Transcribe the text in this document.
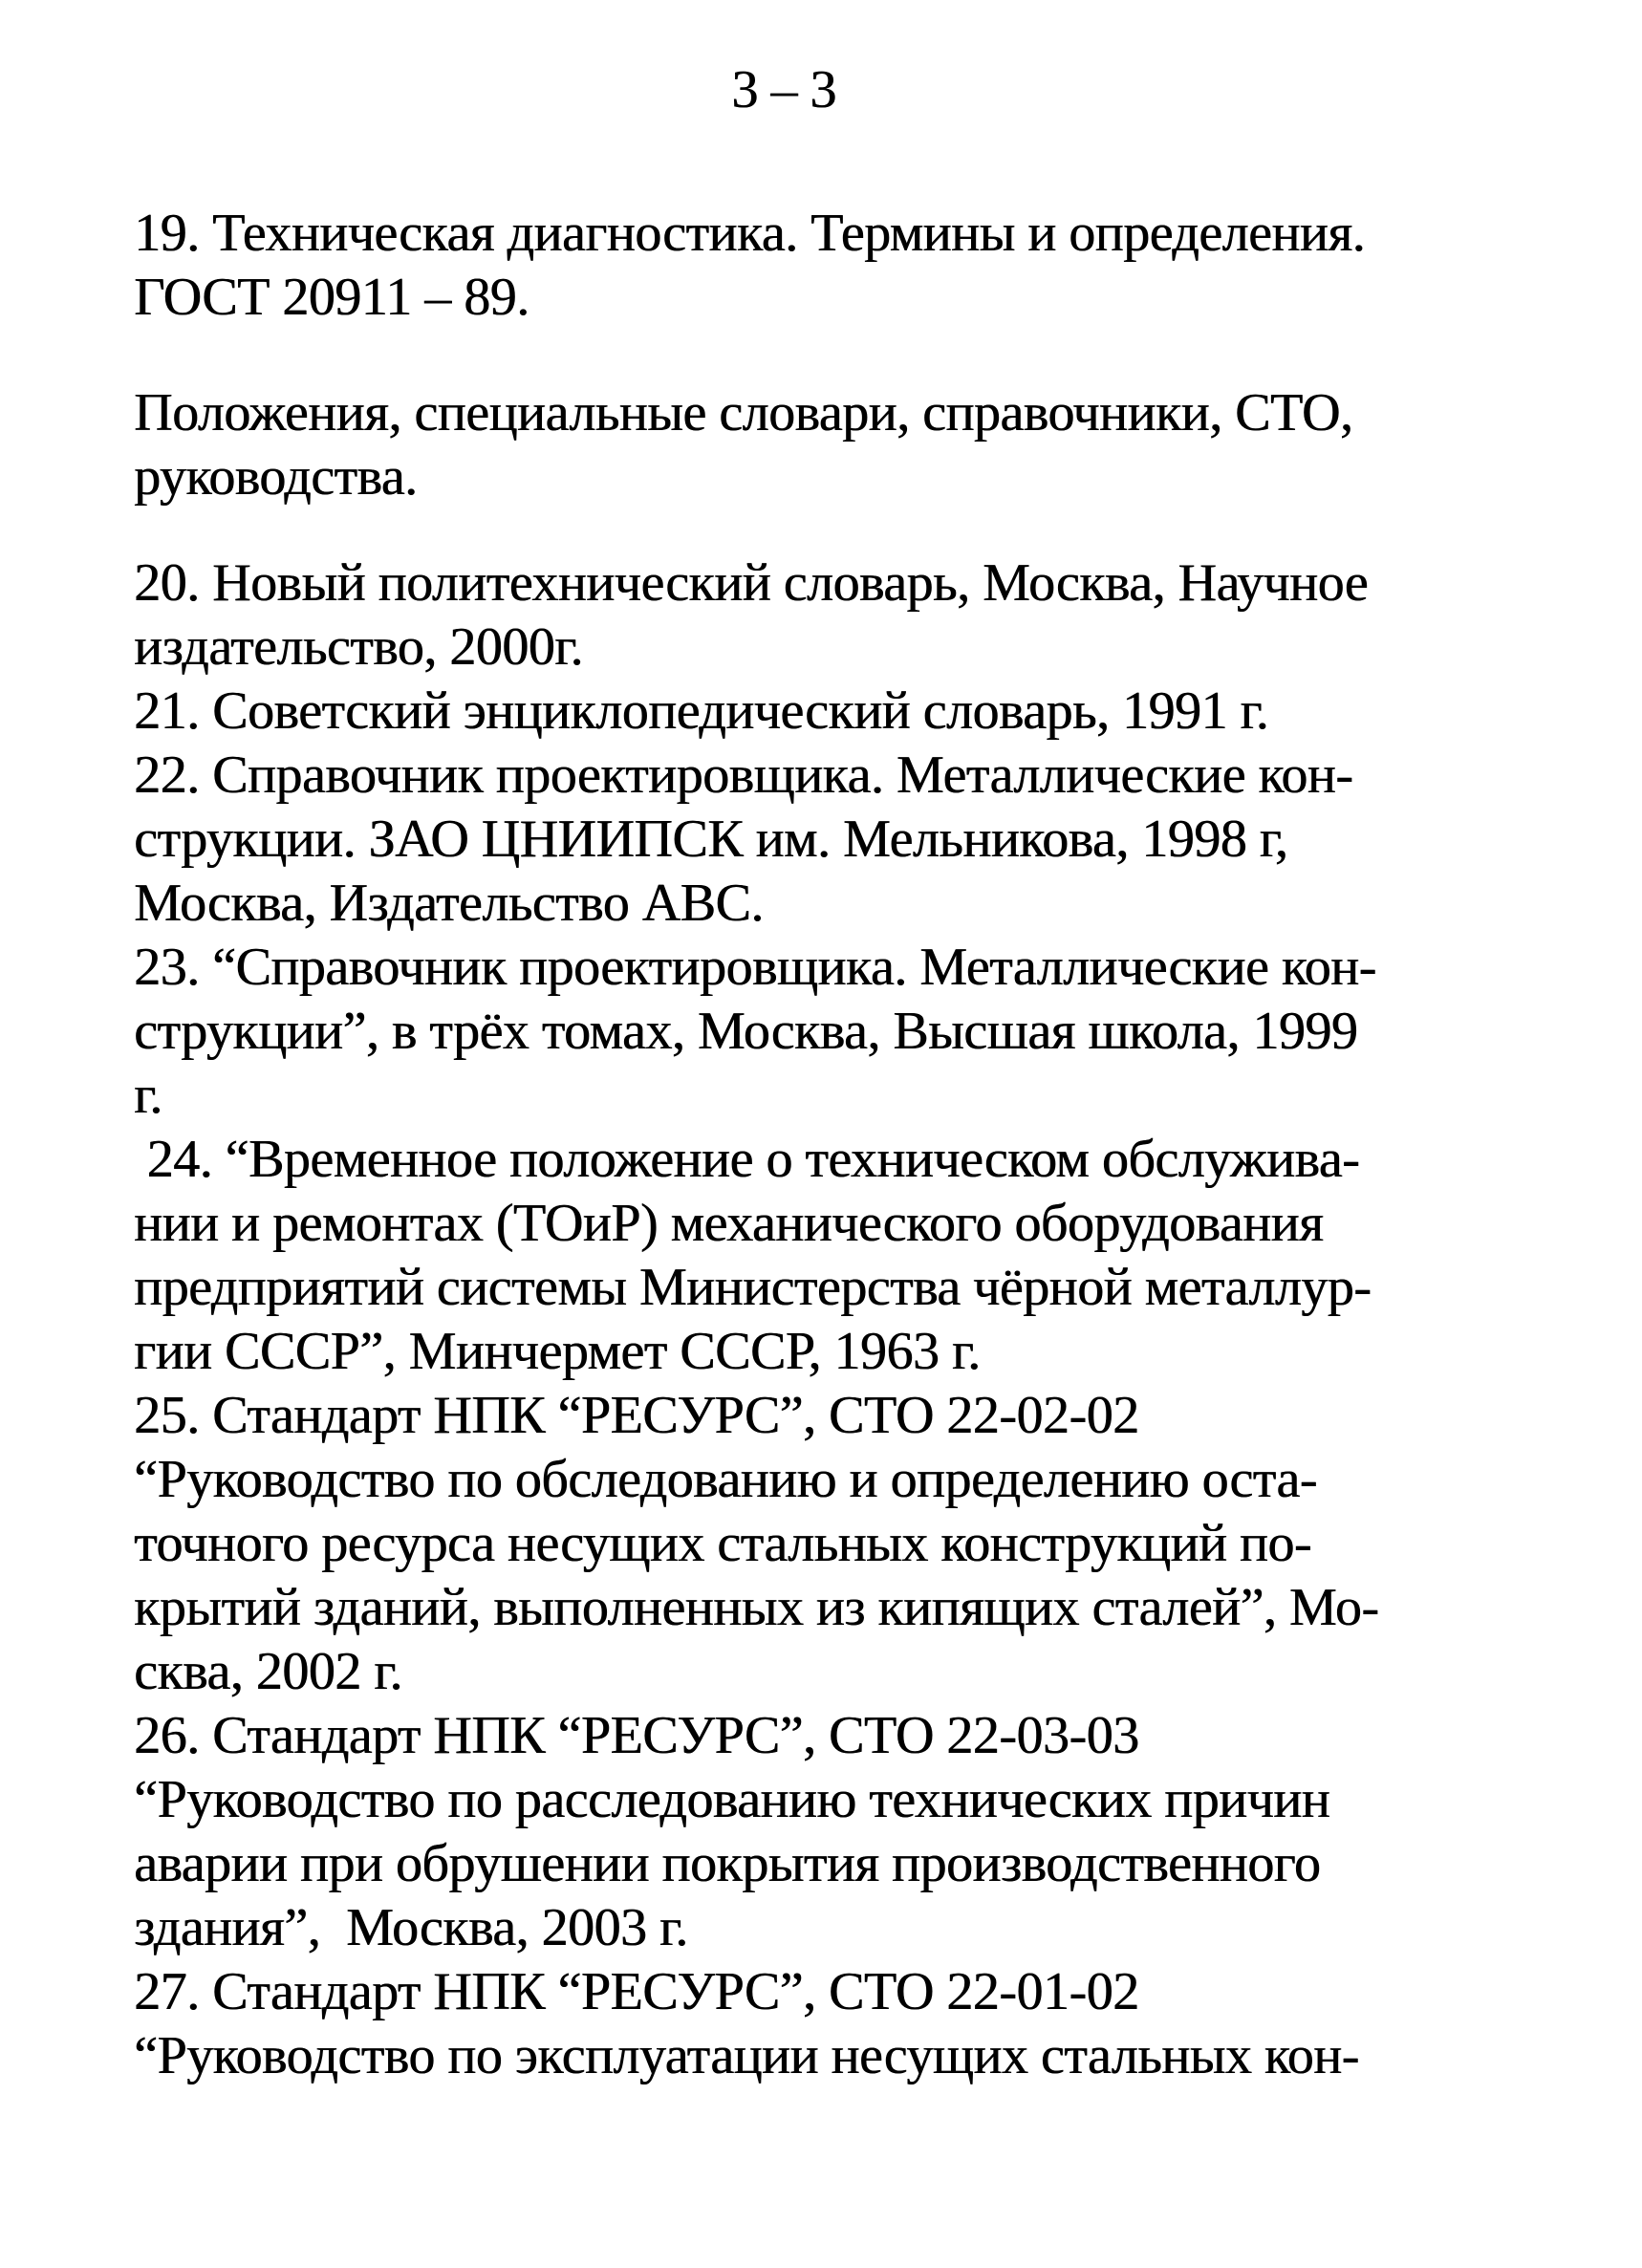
3 – 3
19. Техническая диагностика. Термины и определения.
ГОСТ 20911 – 89.
Положения, специальные словари, справочники, СТО,
руководства.
20. Новый политехнический словарь, Москва, Научное
издательство, 2000г.
21. Советский энциклопедический словарь, 1991 г.
22. Справочник проектировщика. Металлические кон-
струкции. ЗАО ЦНИИПСК им. Мельникова, 1998 г,
Москва, Издательство АВС.
23. “Справочник проектировщика. Металлические кон-
струкции”, в трёх томах, Москва, Высшая школа, 1999
г.
24. “Временное положение о техническом обслужива-
нии и ремонтах (ТОиР) механического оборудования
предприятий системы Министерства чёрной металлур-
гии СССР”, Минчермет СССР, 1963 г.
25. Стандарт НПК “РЕСУРС”, СТО 22-02-02
“Руководство по обследованию и определению оста-
точного ресурса несущих стальных конструкций по-
крытий зданий, выполненных из кипящих сталей”, Мо-
сква, 2002 г.
26. Стандарт НПК “РЕСУРС”, СТО 22-03-03
“Руководство по расследованию технических причин
аварии при обрушении покрытия производственного
здания”,  Москва, 2003 г.
27. Стандарт НПК “РЕСУРС”, СТО 22-01-02
“Руководство по эксплуатации несущих стальных кон-
